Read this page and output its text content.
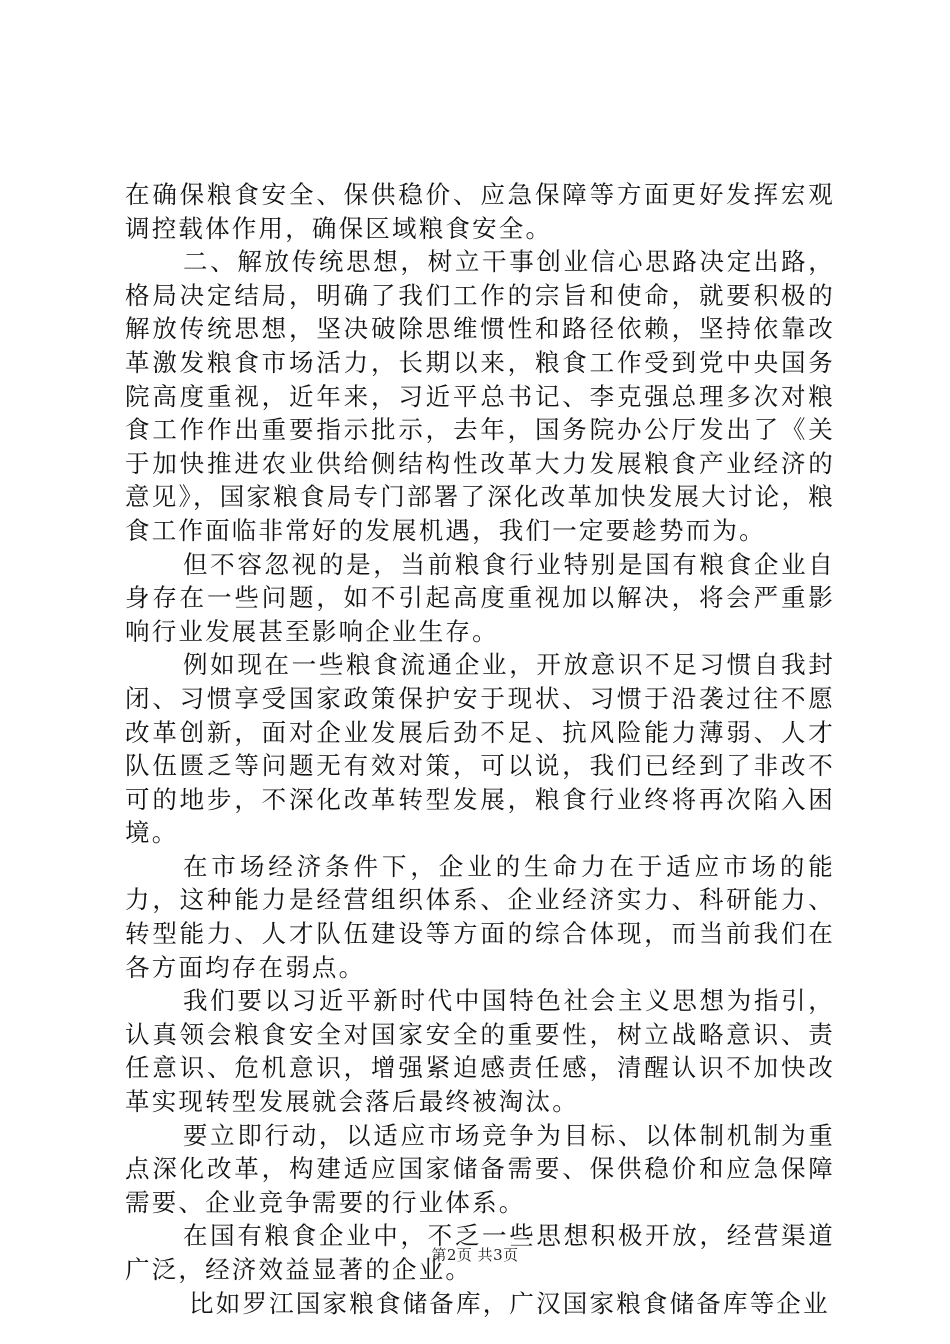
在确保粮食安全、保供稳价、应急保障等方面更好发挥宏观调控载体作用，确保区域粮食安全。

二、解放传统思想，树立干事创业信心思路决定出路，格局决定结局，明确了我们工作的宗旨和使命，就要积极的解放传统思想，坚决破除思维惯性和路径依赖，坚持依靠改革激发粮食市场活力，长期以来，粮食工作受到党中央国务院高度重视，近年来，习近平总书记、李克强总理多次对粮食工作作出重要指示批示，去年，国务院办公厅发出了《关于加快推进农业供给侧结构性改革大力发展粮食产业经济的意见》，国家粮食局专门部署了深化改革加快发展大讨论，粮食工作面临非常好的发展机遇，我们一定要趁势而为。

但不容忽视的是，当前粮食行业特别是国有粮食企业自身存在一些问题，如不引起高度重视加以解决，将会严重影响行业发展甚至影响企业生存。

例如现在一些粮食流通企业，开放意识不足习惯自我封闭、习惯享受国家政策保护安于现状、习惯于沿袭过往不愿改革创新，面对企业发展后劲不足、抗风险能力薄弱、人才队伍匮乏等问题无有效对策，可以说，我们已经到了非改不可的地步，不深化改革转型发展，粮食行业终将再次陷入困境。

在市场经济条件下，企业的生命力在于适应市场的能力，这种能力是经营组织体系、企业经济实力、科研能力、转型能力、人才队伍建设等方面的综合体现，而当前我们在各方面均存在弱点。

我们要以习近平新时代中国特色社会主义思想为指引，认真领会粮食安全对国家安全的重要性，树立战略意识、责任意识、危机意识，增强紧迫感责任感，清醒认识不加快改革实现转型发展就会落后最终被淘汰。

要立即行动，以适应市场竞争为目标、以体制机制为重点深化改革，构建适应国家储备需要、保供稳价和应急保障需要、企业竞争需要的行业体系。

在国有粮食企业中，不乏一些思想积极开放，经营渠道广泛，经济效益显著的企业。

比如罗江国家粮食储备库，广汉国家粮食储备库等企业

第2页 共3页
